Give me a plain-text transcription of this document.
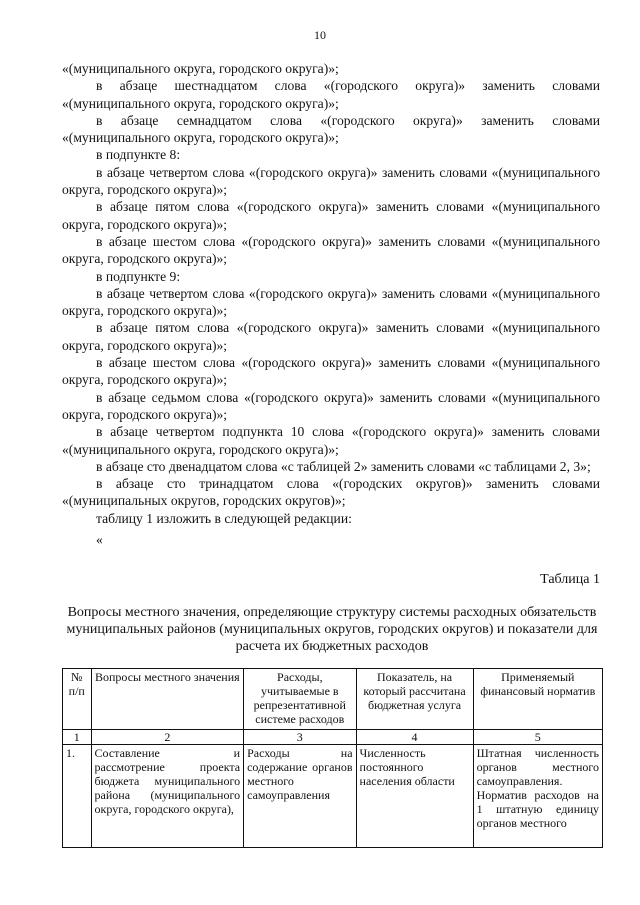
10

«(муниципального округа, городского округа)»;

в абзаце шестнадцатом слова «(городского округа)» заменить словами «(муниципального округа, городского округа)»;

в абзаце семнадцатом слова «(городского округа)» заменить словами «(муниципального округа, городского округа)»;

в подпункте 8:

в абзаце четвертом слова «(городского округа)» заменить словами «(муниципального округа, городского округа)»;

в абзаце пятом слова «(городского округа)» заменить словами «(муниципального округа, городского округа)»;

в абзаце шестом слова «(городского округа)» заменить словами «(муниципального округа, городского округа)»;

в подпункте 9:

в абзаце четвертом слова «(городского округа)» заменить словами «(муниципального округа, городского округа)»;

в абзаце пятом слова «(городского округа)» заменить словами «(муниципального округа, городского округа)»;

в абзаце шестом слова «(городского округа)» заменить словами «(муниципального округа, городского округа)»;

в абзаце седьмом слова «(городского округа)» заменить словами «(муниципального округа, городского округа)»;

в абзаце четвертом подпункта 10 слова «(городского округа)» заменить словами «(муниципального округа, городского округа)»;

в абзаце сто двенадцатом слова «с таблицей 2» заменить словами «с таблицами 2, 3»;

в абзаце сто тринадцатом слова «(городских округов)» заменить словами «(муниципальных округов, городских округов)»;

таблицу 1 изложить в следующей редакции:

«

Таблица 1
Вопросы местного значения, определяющие структуру системы расходных обязательств муниципальных районов (муниципальных округов, городских округов) и показатели для расчета их бюджетных расходов
№ п/п	Вопросы местного значения	Расходы, учитываемые в репрезентативной системе расходов	Показатель, на который рассчитана бюджетная услуга	Применяемый финансовый норматив
1	2	3	4	5
1.	Составление и рассмотрение проекта бюджета муниципального района (муниципального округа, городского округа),	Расходы на содержание органов местного самоуправления	Численность постоянного населения области	Штатная численность органов местного самоуправления. Норматив расходов на 1 штатную единицу органов местного
